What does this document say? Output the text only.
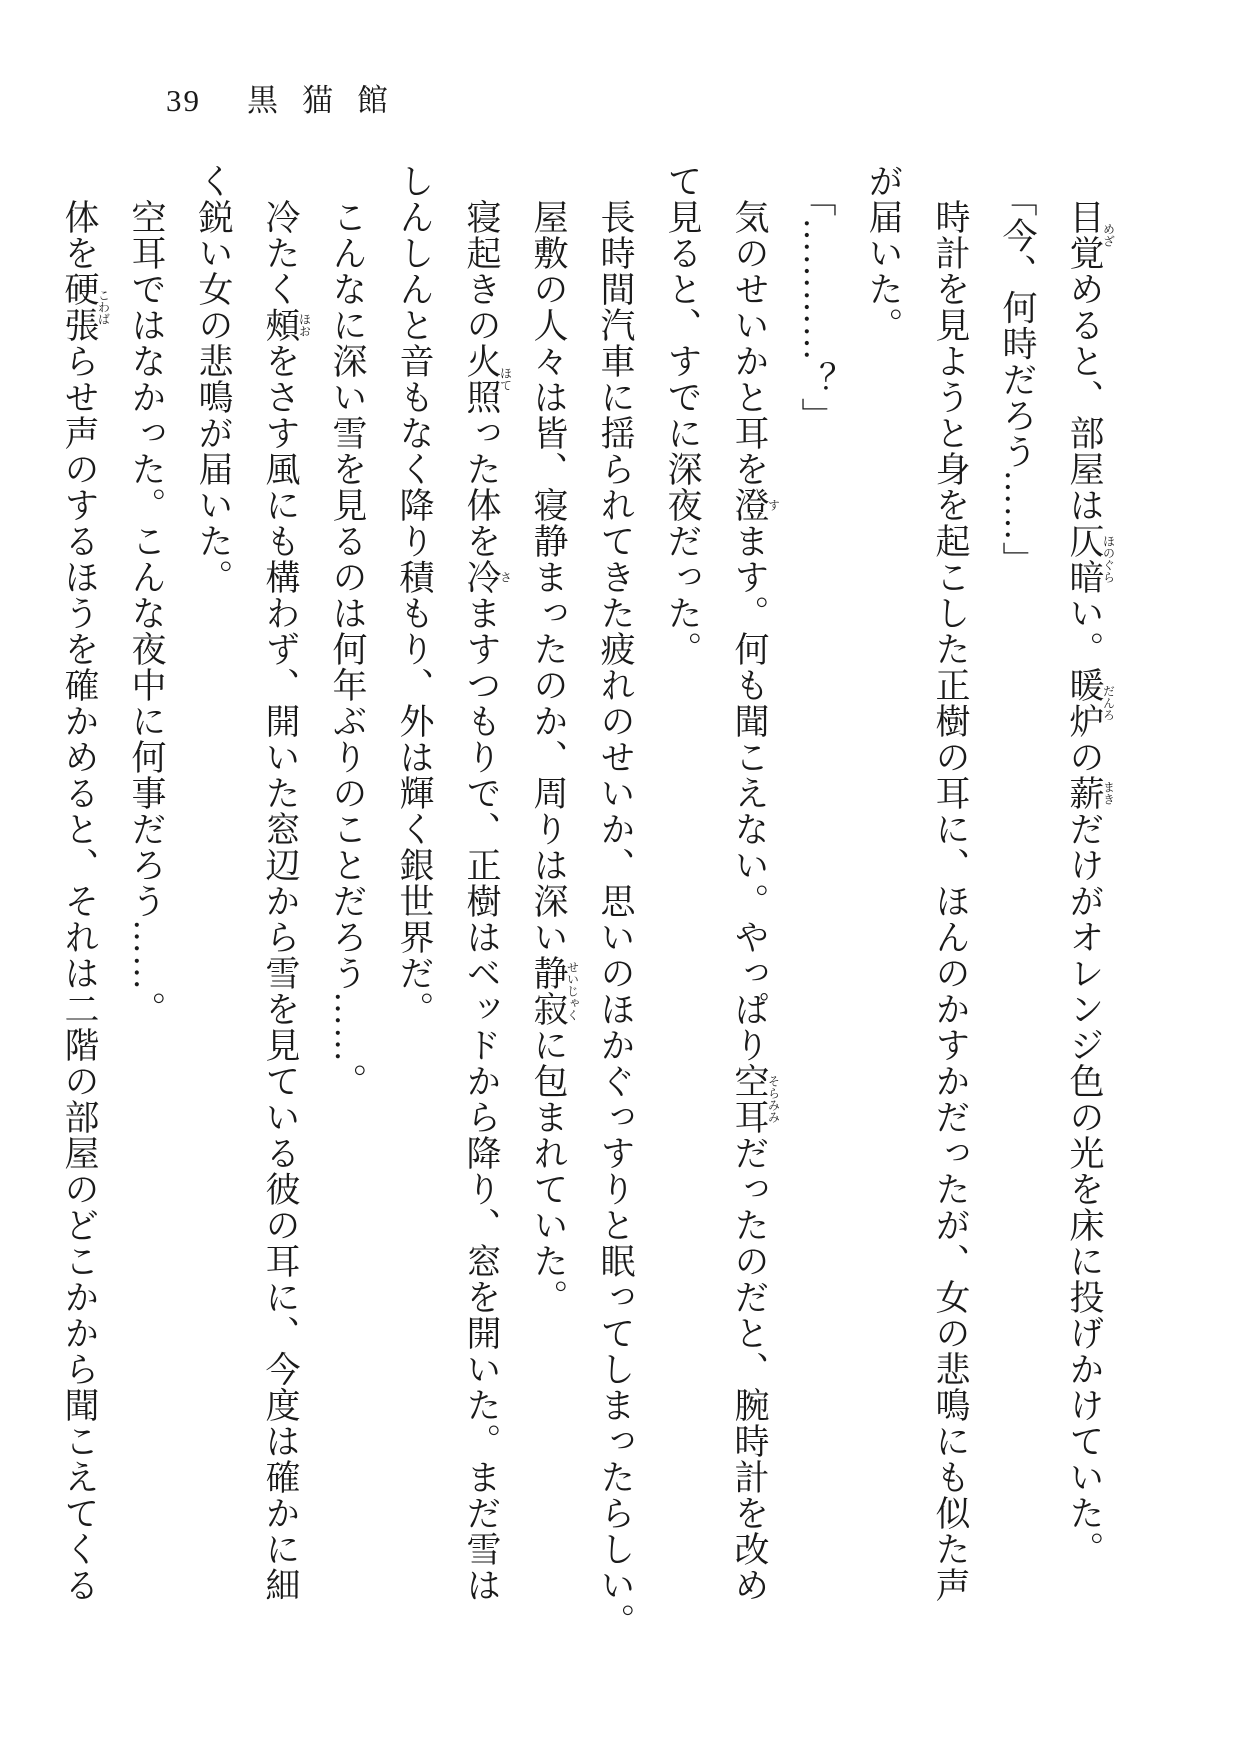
39 黒猫館
　目覚めざめると、部屋は仄暗ほのぐらい。暖炉だんろの薪まきだけがオレンジ色の光を床に投げかけていた。
　「今、何時だろう……」
　時計を見ようと身を起こした正樹の耳に、ほんのかすかだったが、女の悲鳴にも似た声
が届いた。
　「…………？」
　気のせいかと耳を澄すます。何も聞こえない。やっぱり空耳そらみみだったのだと、腕時計を改め
て見ると、すでに深夜だった。
　長時間汽車に揺られてきた疲れのせいか、思いのほかぐっすりと眠ってしまったらしい。
　屋敷の人々は皆、寝静まったのか、周りは深い静寂せいじゃくに包まれていた。
　寝起きの火照ほてった体を冷さますつもりで、正樹はベッドから降り、窓を開いた。まだ雪は
しんしんと音もなく降り積もり、外は輝く銀世界だ。
　こんなに深い雪を見るのは何年ぶりのことだろう……。
　冷たく頰ほおをさす風にも構わず、開いた窓辺から雪を見ている彼の耳に、今度は確かに細
く鋭い女の悲鳴が届いた。
　空耳ではなかった。こんな夜中に何事だろう……。
　体を硬張こわばらせ声のするほうを確かめると、それは二階の部屋のどこかから聞こえてくる
